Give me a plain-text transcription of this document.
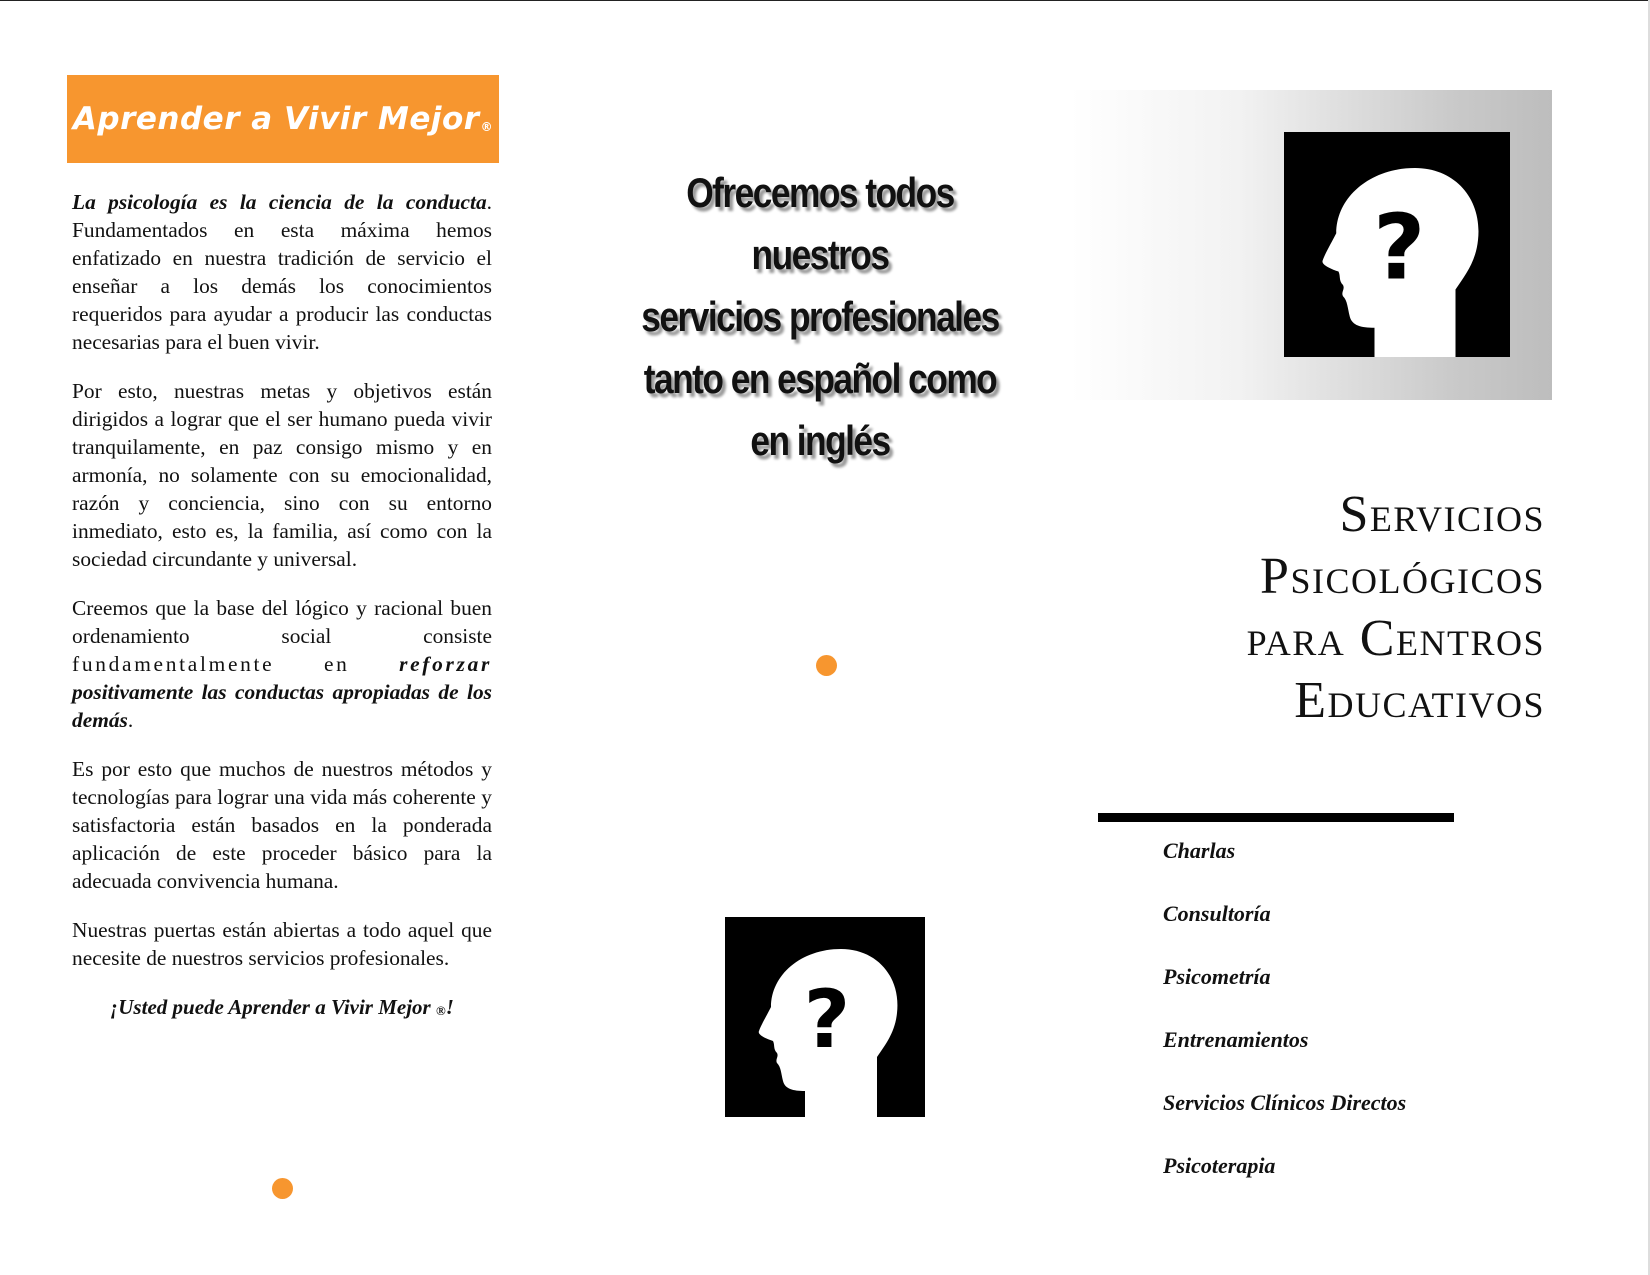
Aprender a Vivir Mejor®

La psicología es la ciencia de la conducta. Fundamentados en esta máxima hemos enfatizado en nuestra tradición de servicio el enseñar a los demás los conocimientos requeridos para ayudar a producir las conductas necesarias para el buen vivir.

Por esto, nuestras metas y objetivos están dirigidos a lograr que el ser humano pueda vivir tranquilamente, en paz consigo mismo y en armonía, no solamente con su emocionalidad, razón y conciencia, sino con su entorno inmediato, esto es, la familia, así como con la sociedad circundante y universal.

Creemos que la base del lógico y racional buen ordenamiento social consiste fundamentalmente en reforzar positivamente las conductas apropiadas de los demás.

Es por esto que muchos de nuestros métodos y tecnologías para lograr una vida más coherente y satisfactoria están basados en la ponderada aplicación de este proceder básico para la adecuada convivencia humana.

Nuestras puertas están abiertas a todo aquel que necesite de nuestros servicios profesionales.

¡Usted puede Aprender a Vivir Mejor ®!

Ofrecemos todos nuestros
servicios profesionales
tanto en español como
en inglés
?
?
Servicios
Psicológicos
para Centros
Educativos
Charlas
Consultoría
Psicometría
Entrenamientos
Servicios Clínicos Directos
Psicoterapia
